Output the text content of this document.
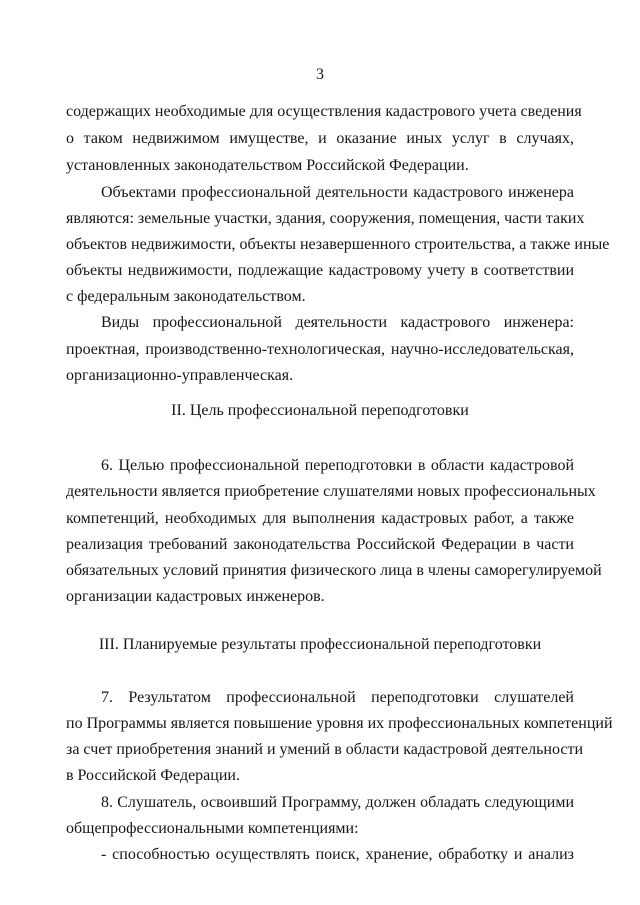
3
содержащих необходимые для осуществления кадастрового учета сведения
о таком недвижимом имуществе, и оказание иных услуг в случаях,
установленных законодательством Российской Федерации.
Объектами профессиональной деятельности кадастрового инженера
являются: земельные участки, здания, сооружения, помещения, части таких
объектов недвижимости, объекты незавершенного строительства, а также иные
объекты недвижимости, подлежащие кадастровому учету в соответствии
с федеральным законодательством.
Виды профессиональной деятельности кадастрового инженера:
проектная, производственно-технологическая, научно-исследовательская,
организационно-управленческая.
II. Цель профессиональной переподготовки
6. Целью профессиональной переподготовки в области кадастровой
деятельности является приобретение слушателями новых профессиональных
компетенций, необходимых для выполнения кадастровых работ, а также
реализация требований законодательства Российской Федерации в части
обязательных условий принятия физического лица в члены саморегулируемой
организации кадастровых инженеров.
III. Планируемые результаты профессиональной переподготовки
7. Результатом профессиональной переподготовки слушателей
по Программы является повышение уровня их профессиональных компетенций
за счет приобретения знаний и умений в области кадастровой деятельности
в Российской Федерации.
8. Слушатель, освоивший Программу, должен обладать следующими
общепрофессиональными компетенциями:
- способностью осуществлять поиск, хранение, обработку и анализ
